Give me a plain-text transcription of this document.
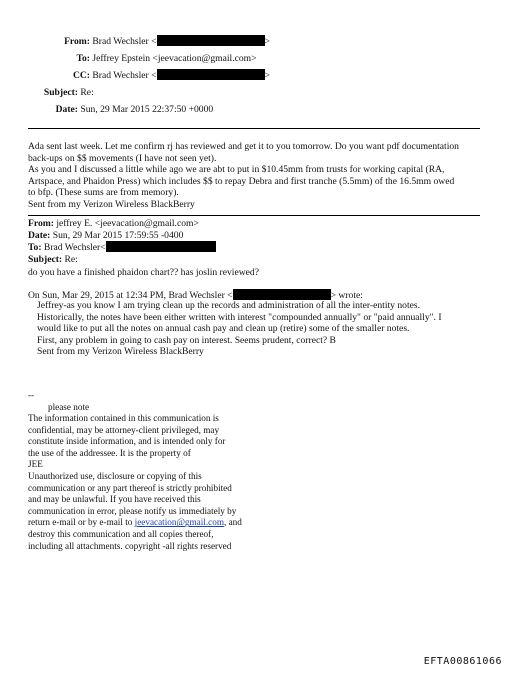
From: Brad Wechsler <	>
To: Jeffrey Epstein <jeevacation@gmail.com>
CC: Brad Wechsler <	>
Subject: Re:
Date: Sun, 29 Mar 2015 22:37:50 +0000
Ada sent last week. Let me confirm rj has reviewed and get it to you tomorrow. Do you want pdf documentation
back-ups on $$ movements (I have not seen yet).
As you and I discussed a little while ago we are abt to put in $10.45mm from trusts for working capital (RA,
Artspace, and Phaidon Press) which includes $$ to repay Debra and first tranche (5.5mm) of the 16.5mm owed
to bfp. (These sums are from memory).
Sent from my Verizon Wireless BlackBerry
From: jeffrey E. <jeevacation@gmail.com>
Date: Sun, 29 Mar 2015 17:59:55 -0400
To: Brad Wechsler<
Subject: Re:
do you have a finished phaidon chart?? has joslin reviewed?
On Sun, Mar 29, 2015 at 12:34 PM, Brad Wechsler <	> wrote:
Jeffrey-as you know I am trying clean up the records and administration of all the inter-entity notes.
Historically, the notes have been either written with interest "compounded annually" or "paid annually". I
would like to put all the notes on annual cash pay and clean up (retire) some of the smaller notes.
First, any problem in going to cash pay on interest. Seems prudent, correct? B
Sent from my Verizon Wireless BlackBerry
--
please note
The information contained in this communication is
confidential, may be attorney-client privileged, may
constitute inside information, and is intended only for
the use of the addressee. It is the property of
JEE
Unauthorized use, disclosure or copying of this
communication or any part thereof is strictly prohibited
and may be unlawful. If you have received this
communication in error, please notify us immediately by
return e-mail or by e-mail to jeevacation@gmail.com, and
destroy this communication and all copies thereof,
including all attachments. copyright -all rights reserved
EFTA00861066
